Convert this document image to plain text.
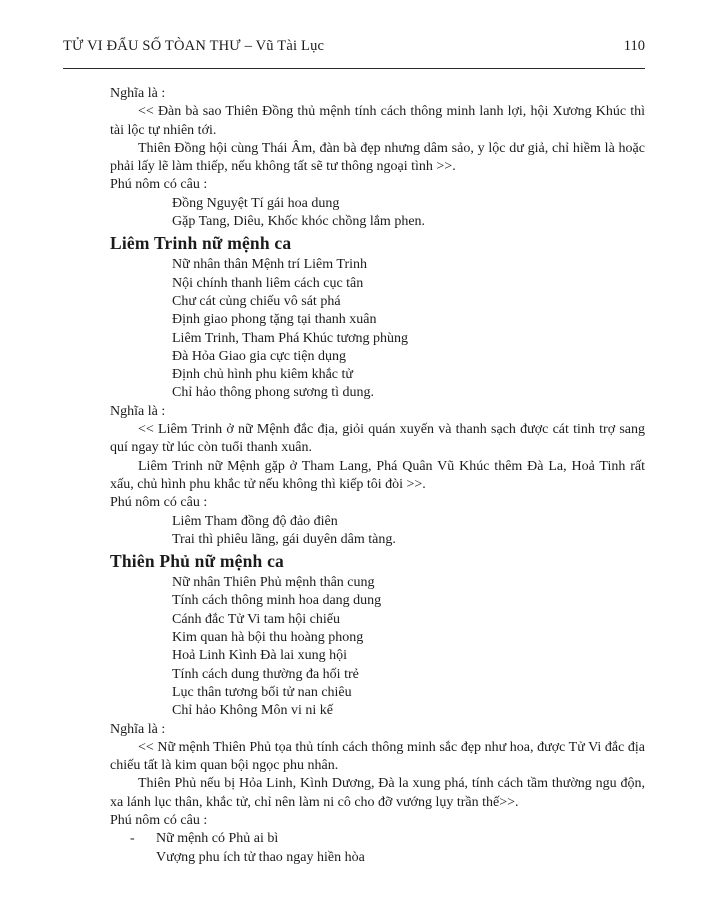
TỬ VI ĐẨU SỐ TÒAN THƯ – Vũ Tài Lục	110
Nghĩa là :
<< Đàn bà sao Thiên Đồng thủ mệnh tính cách thông minh lanh lợi, hội Xương Khúc thì tài lộc tự nhiên tới.
Thiên Đồng hội cùng Thái Âm, đàn bà đẹp nhưng dâm sảo, y lộc dư giả, chỉ hiềm là hoặc phải lấy lẽ làm thiếp, nếu không tất sẽ tư thông ngoại tình >>.
Phú nôm có câu :
Đồng Nguyệt Tí gái hoa dung
Gặp Tang, Diêu, Khốc khóc chồng lắm phen.
Liêm Trinh nữ mệnh ca
Nữ nhân thân Mệnh trí Liêm Trinh
Nội chính thanh liêm cách cục tân
Chư cát củng chiếu vô sát phá
Định giao phong tặng tại thanh xuân
Liêm Trinh, Tham Phá Khúc tương phùng
Đà Hỏa Giao gia cực tiện dụng
Định chủ hình phu kiêm khắc tử
Chỉ hảo thông phong sương tì dung.
Nghĩa là :
<< Liêm Trinh ở nữ Mệnh đắc địa, giỏi quán xuyến và thanh sạch được cát tinh trợ sang quí ngay từ lúc còn tuổi thanh xuân.
Liêm Trinh nữ Mệnh gặp ở Tham Lang, Phá Quân Vũ Khúc thêm Đà La, Hoả Tinh rất xấu, chủ hình phu khắc tử nếu không thì kiếp tôi đòi >>.
Phú nôm có câu :
Liêm Tham đồng độ đảo điên
Trai thì phiêu lãng, gái duyên dâm tàng.
Thiên Phủ nữ mệnh ca
Nữ nhân Thiên Phủ mệnh thân cung
Tính cách thông minh hoa dang dung
Cánh đắc Tử Vi tam hội chiếu
Kim quan hà bội thu hoàng phong
Hoả Linh Kình Đà lai xung hội
Tính cách dung thường đa hối trẻ
Lục thân tương bối tử nan chiêu
Chỉ hảo Không Môn vi ni kế
Nghĩa là :
<< Nữ mệnh Thiên Phủ tọa thủ tính cách thông minh sắc đẹp như hoa, được Tử Vi đắc địa chiếu tất là kim quan bội ngọc phu nhân.
Thiên Phủ nếu bị Hỏa Linh, Kình Dương, Đà la xung phá, tính cách tầm thường ngu độn, xa lánh lục thân, khắc tử, chỉ nên làm ni cô cho đỡ vướng lụy trần thế>>.
Phú nôm có câu :
-	Nữ mệnh có Phủ ai bì
Vượng phu ích tử thao ngay hiền hòa
